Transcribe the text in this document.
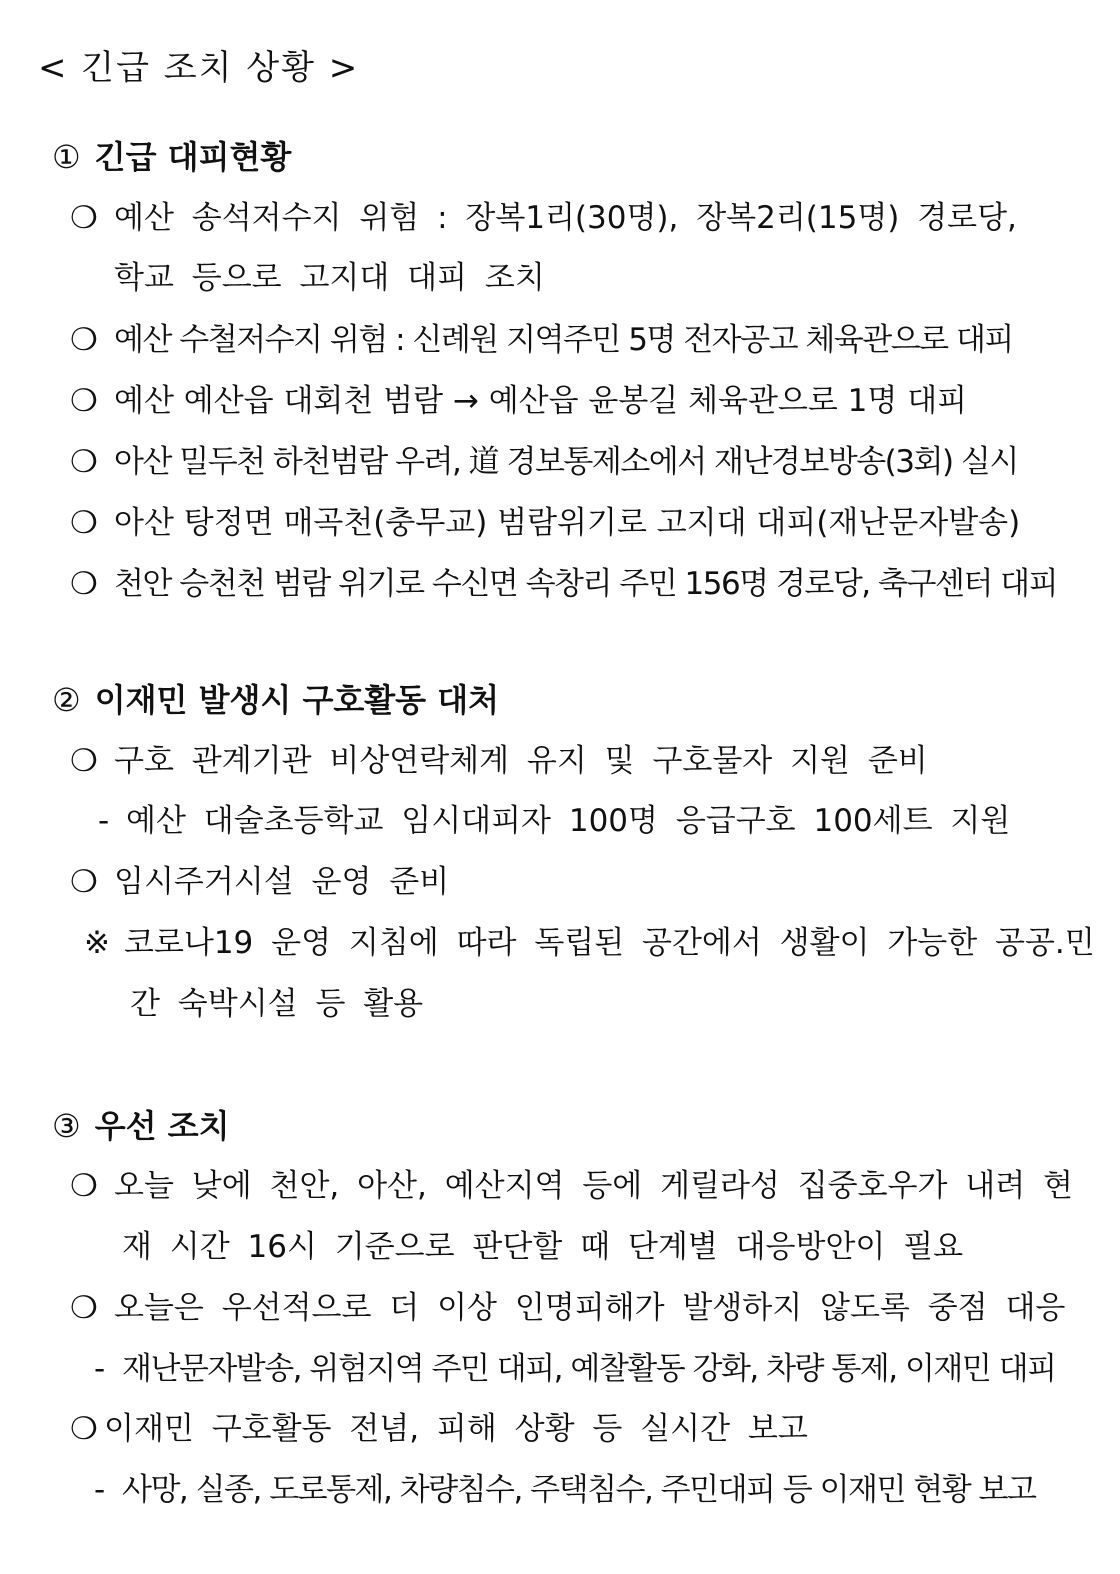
< 긴급 조치 상황 >
① 긴급 대피현황
❍ 예산 송석저수지 위험 : 장복1리(30명), 장복2리(15명) 경로당,
학교 등으로 고지대 대피 조치
❍ 예산 수철저수지 위험 : 신례원 지역주민 5명 전자공고 체육관으로 대피
❍ 예산 예산읍 대회천 범람 → 예산읍 윤봉길 체육관으로 1명 대피
❍ 아산 밀두천 하천범람 우려, 道 경보통제소에서 재난경보방송(3회) 실시
❍ 아산 탕정면 매곡천(충무교) 범람위기로 고지대 대피(재난문자발송)
❍ 천안 승천천 범람 위기로 수신면 속창리 주민 156명 경로당, 축구센터 대피
② 이재민 발생시 구호활동 대처
❍ 구호 관계기관 비상연락체계 유지 및 구호물자 지원 준비
- 예산 대술초등학교 임시대피자 100명 응급구호 100세트 지원
❍ 임시주거시설 운영 준비
※ 코로나19 운영 지침에 따라 독립된 공간에서 생활이 가능한 공공.민
간 숙박시설 등 활용
③ 우선 조치
❍ 오늘 낮에 천안, 아산, 예산지역 등에 게릴라성 집중호우가 내려 현
재 시간 16시 기준으로 판단할 때 단계별 대응방안이 필요
❍ 오늘은 우선적으로 더 이상 인명피해가 발생하지 않도록 중점 대응
- 재난문자발송, 위험지역 주민 대피, 예찰활동 강화, 차량 통제, 이재민 대피
❍ 이재민 구호활동 전념, 피해 상황 등 실시간 보고
- 사망, 실종, 도로통제, 차량침수, 주택침수, 주민대피 등 이재민 현황 보고
